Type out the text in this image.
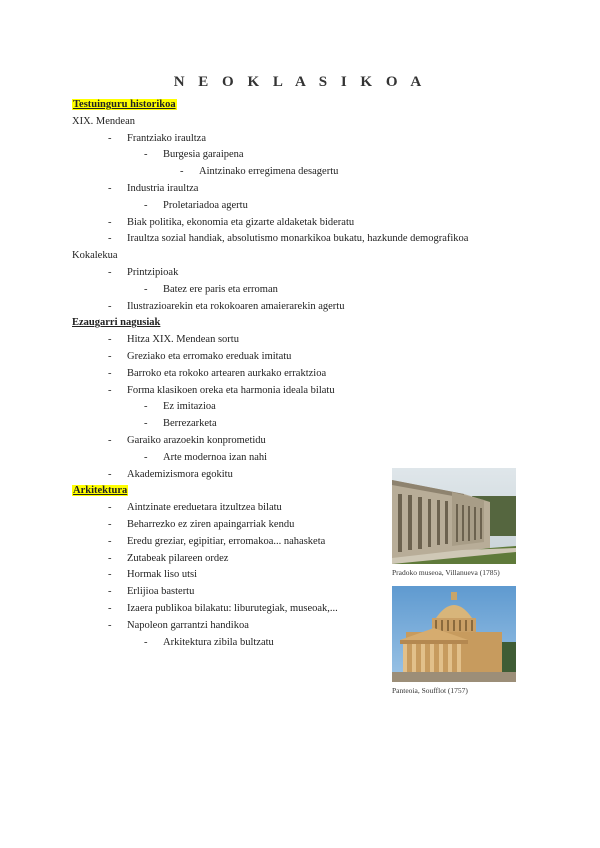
N E O K L A S I K O A
Testuinguru historikoa
XIX. Mendean
- Frantziako iraultza
- Burgesia garaipena
- Aintzinako erregimena desagertu
- Industria iraultza
- Proletariadoa agertu
- Biak politika, ekonomia eta gizarte aldaketak bideratu
- Iraultza sozial handiak, absolutismo monarkikoa bukatu, hazkunde demografikoa
Kokalekua
- Printzipioak
- Batez ere paris eta erroman
- Ilustrazioarekin eta rokokoaren amaierarekin agertu
Ezaugarri nagusiak
- Hitza XIX. Mendean sortu
- Greziako eta erromako ereduak imitatu
- Barroko eta rokoko artearen aurkako erraktzioa
- Forma klasikoen oreka eta harmonia ideala bilatu
- Ez imitazioa
- Berrezarketa
- Garaiko arazoekin konprometidu
- Arte modernoa izan nahi
- Akademizismora egokitu
Arkitektura
- Aintzinate ereduetara itzultzea bilatu
- Beharrezko ez ziren apaingarriak kendu
- Eredu greziar, egipitiar, erromakoa... nahasketa
- Zutabeak pilareen ordez
- Hormak liso utsi
- Erlijioa bastertu
- Izaera publikoa bilakatu: liburutegiak, museoak,...
- Napoleon garrantzi handikoa
- Arkitektura zibila bultzatu
Pradoko museoa, Villanueva (1785)
Panteoia, Soufflot (1757)
